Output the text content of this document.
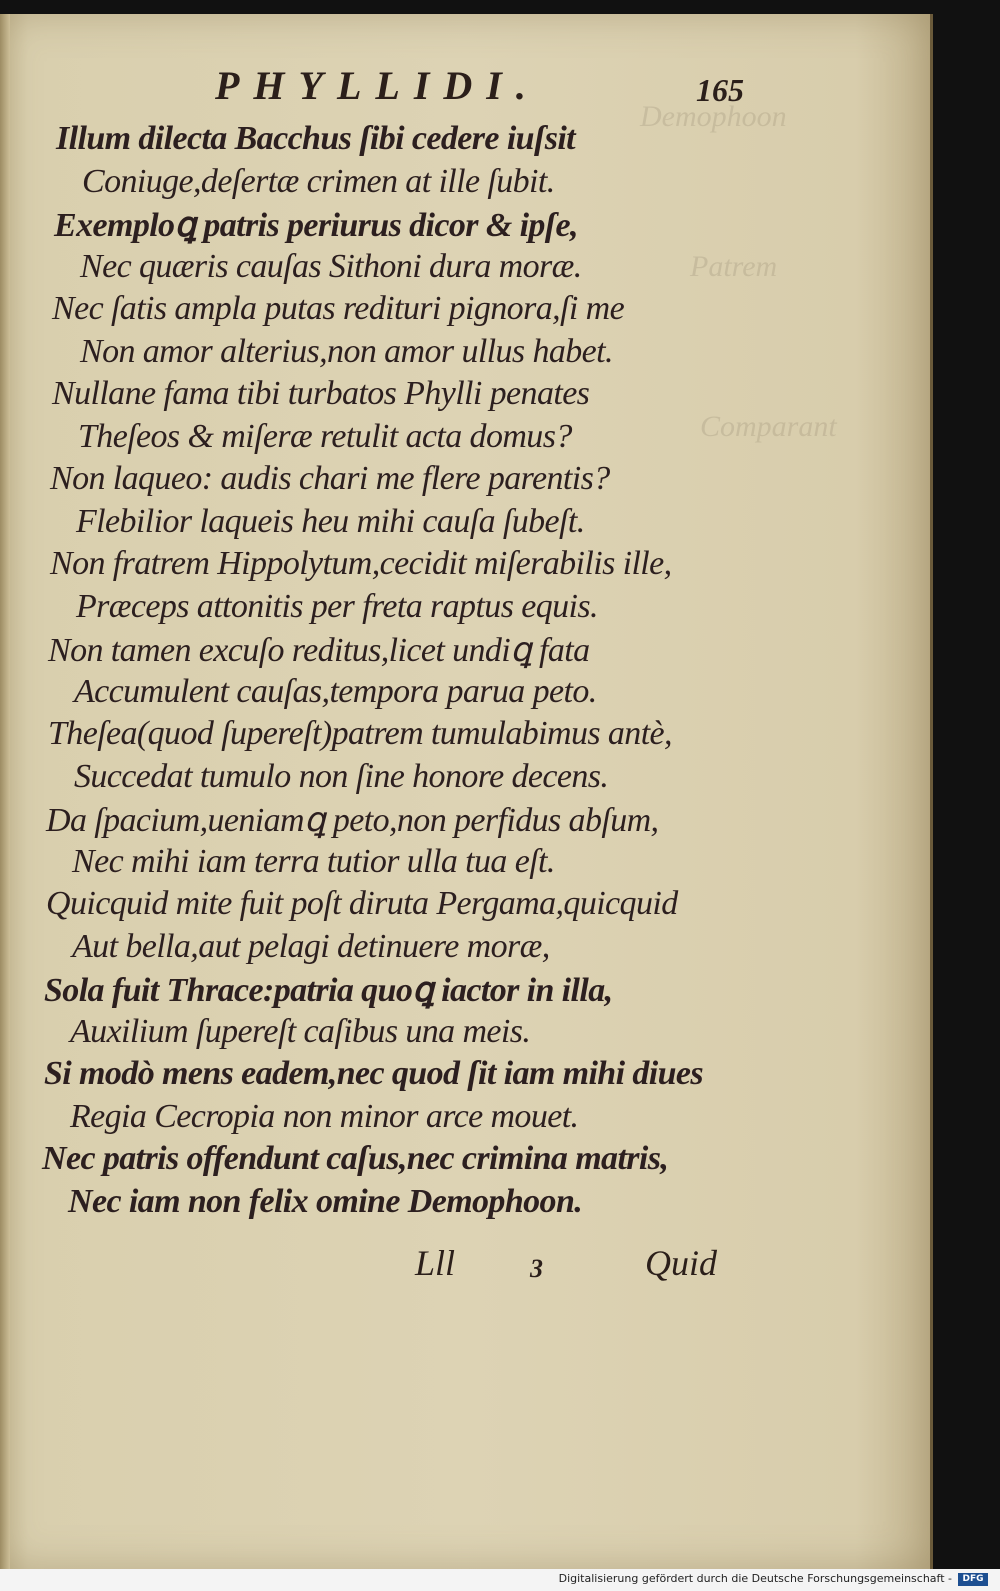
Demophoon
Patrem
Comparant
PHYLLIDI.	165
Illum dilecta Bacchus ſibi cedere iuſsit
Coniuge,deſertæ crimen at ille ſubit.
Exemploꝗ patris periurus dicor & ipſe,
Nec quæris cauſas Sithoni dura moræ.
Nec ſatis ampla putas redituri pignora,ſi me
Non amor alterius,non amor ullus habet.
Nullane fama tibi turbatos Phylli penates
Theſeos & miſeræ retulit acta domus?
Non laqueo: audis chari me flere parentis?
Flebilior laqueis heu mihi cauſa ſubeſt.
Non fratrem Hippolytum,cecidit miſerabilis ille,
Præceps attonitis per freta raptus equis.
Non tamen excuſo reditus,licet undiꝗ fata
Accumulent cauſas,tempora parua peto.
Theſea(quod ſupereſt)patrem tumulabimus antè,
Succedat tumulo non ſine honore decens.
Da ſpacium,ueniamꝗ peto,non perfidus abſum,
Nec mihi iam terra tutior ulla tua eſt.
Quicquid mite fuit poſt diruta Pergama,quicquid
Aut bella,aut pelagi detinuere moræ,
Sola fuit Thrace:patria quoꝗ iactor in illa,
Auxilium ſupereſt caſibus una meis.
Si modò mens eadem,nec quod ſit iam mihi diues
Regia Cecropia non minor arce mouet.
Nec patris offendunt caſus,nec crimina matris,
Nec iam non felix omine Demophoon.
Lll	3	Quid
Digitalisierung gefördert durch die Deutsche Forschungsgemeinschaft -	DFG
